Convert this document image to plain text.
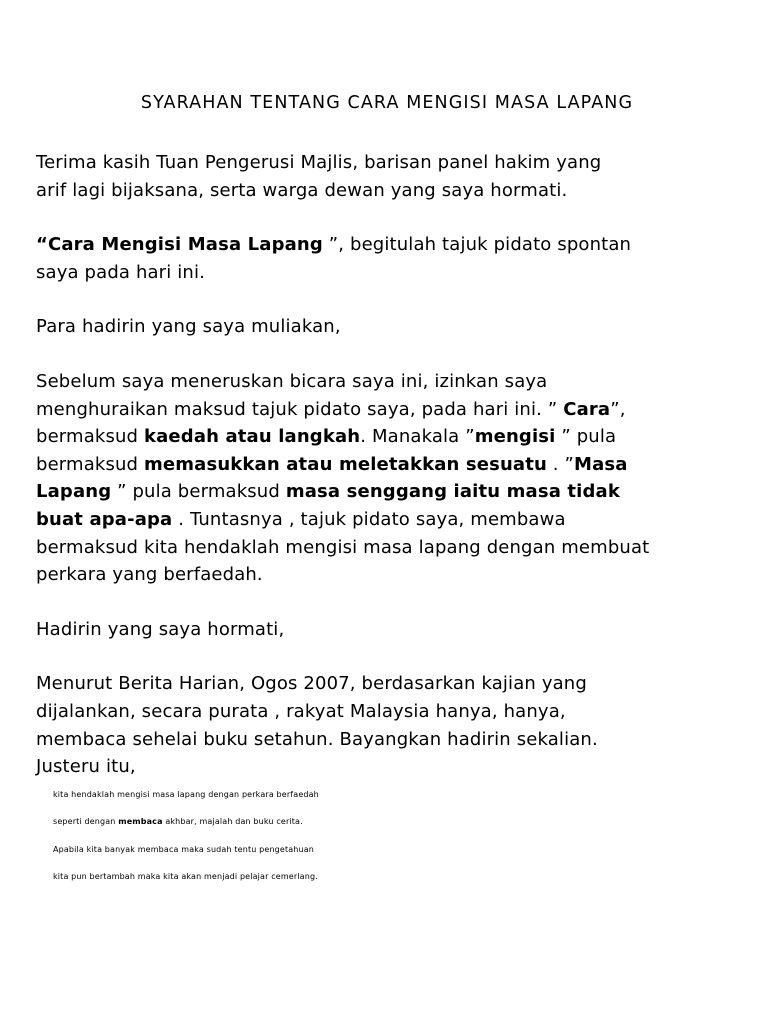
SYARAHAN TENTANG CARA MENGISI MASA LAPANG

Terima kasih Tuan Pengerusi Majlis, barisan panel hakim yang
arif lagi bijaksana, serta warga dewan yang saya hormati.

“Cara Mengisi Masa Lapang ”, begitulah tajuk pidato spontan
saya pada hari ini.

Para hadirin yang saya muliakan,

Sebelum saya meneruskan bicara saya ini, izinkan saya
menghuraikan maksud tajuk pidato saya, pada hari ini. ” Cara”,
bermaksud kaedah atau langkah. Manakala ”mengisi ” pula
bermaksud memasukkan atau meletakkan sesuatu . ”Masa
Lapang ” pula bermaksud masa senggang iaitu masa tidak
buat apa-apa . Tuntasnya , tajuk pidato saya, membawa
bermaksud kita hendaklah mengisi masa lapang dengan membuat
perkara yang berfaedah.

Hadirin yang saya hormati,

Menurut Berita Harian, Ogos 2007, berdasarkan kajian yang
dijalankan, secara purata , rakyat Malaysia hanya, hanya,
membaca sehelai buku setahun. Bayangkan hadirin sekalian.
Justeru itu,
kita hendaklah mengisi masa lapang dengan perkara berfaedah
seperti dengan membaca akhbar, majalah dan buku cerita.
Apabila kita banyak membaca maka sudah tentu pengetahuan
kita pun bertambah maka kita akan menjadi pelajar cemerlang.
